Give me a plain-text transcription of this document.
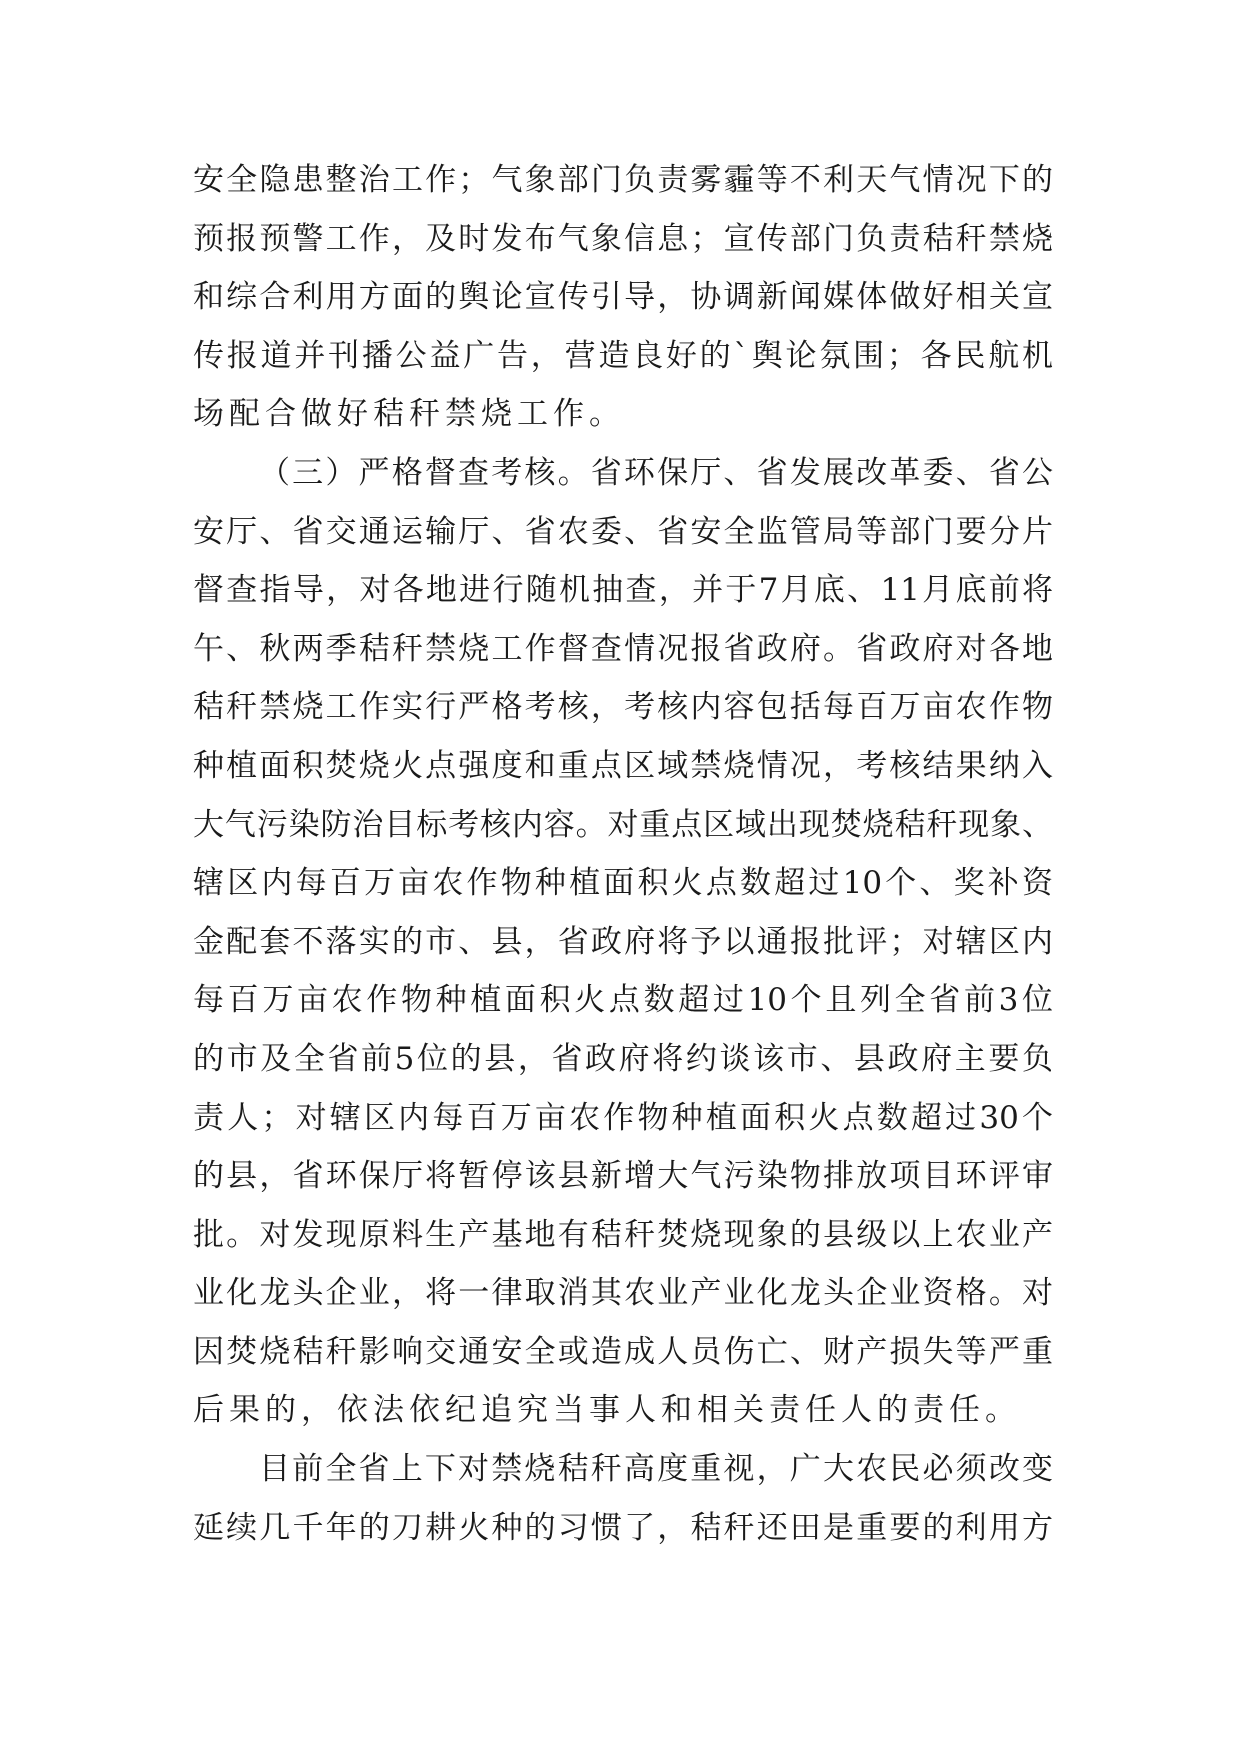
安全隐患整治工作；气象部门负责雾霾等不利天气情况下的
预报预警工作，及时发布气象信息；宣传部门负责秸秆禁烧
和综合利用方面的舆论宣传引导，协调新闻媒体做好相关宣
传报道并刊播公益广告，营造良好的`舆论氛围；各民航机
场配合做好秸秆禁烧工作。
（三）严格督查考核。省环保厅、省发展改革委、省公
安厅、省交通运输厅、省农委、省安全监管局等部门要分片
督查指导，对各地进行随机抽查，并于7月底、11月底前将
午、秋两季秸秆禁烧工作督查情况报省政府。省政府对各地
秸秆禁烧工作实行严格考核，考核内容包括每百万亩农作物
种植面积焚烧火点强度和重点区域禁烧情况，考核结果纳入
大气污染防治目标考核内容。对重点区域出现焚烧秸秆现象、
辖区内每百万亩农作物种植面积火点数超过10个、奖补资
金配套不落实的市、县，省政府将予以通报批评；对辖区内
每百万亩农作物种植面积火点数超过10个且列全省前3位
的市及全省前5位的县，省政府将约谈该市、县政府主要负
责人；对辖区内每百万亩农作物种植面积火点数超过30个
的县，省环保厅将暂停该县新增大气污染物排放项目环评审
批。对发现原料生产基地有秸秆焚烧现象的县级以上农业产
业化龙头企业，将一律取消其农业产业化龙头企业资格。对
因焚烧秸秆影响交通安全或造成人员伤亡、财产损失等严重
后果的，依法依纪追究当事人和相关责任人的责任。
目前全省上下对禁烧秸秆高度重视，广大农民必须改变
延续几千年的刀耕火种的习惯了，秸秆还田是重要的利用方
